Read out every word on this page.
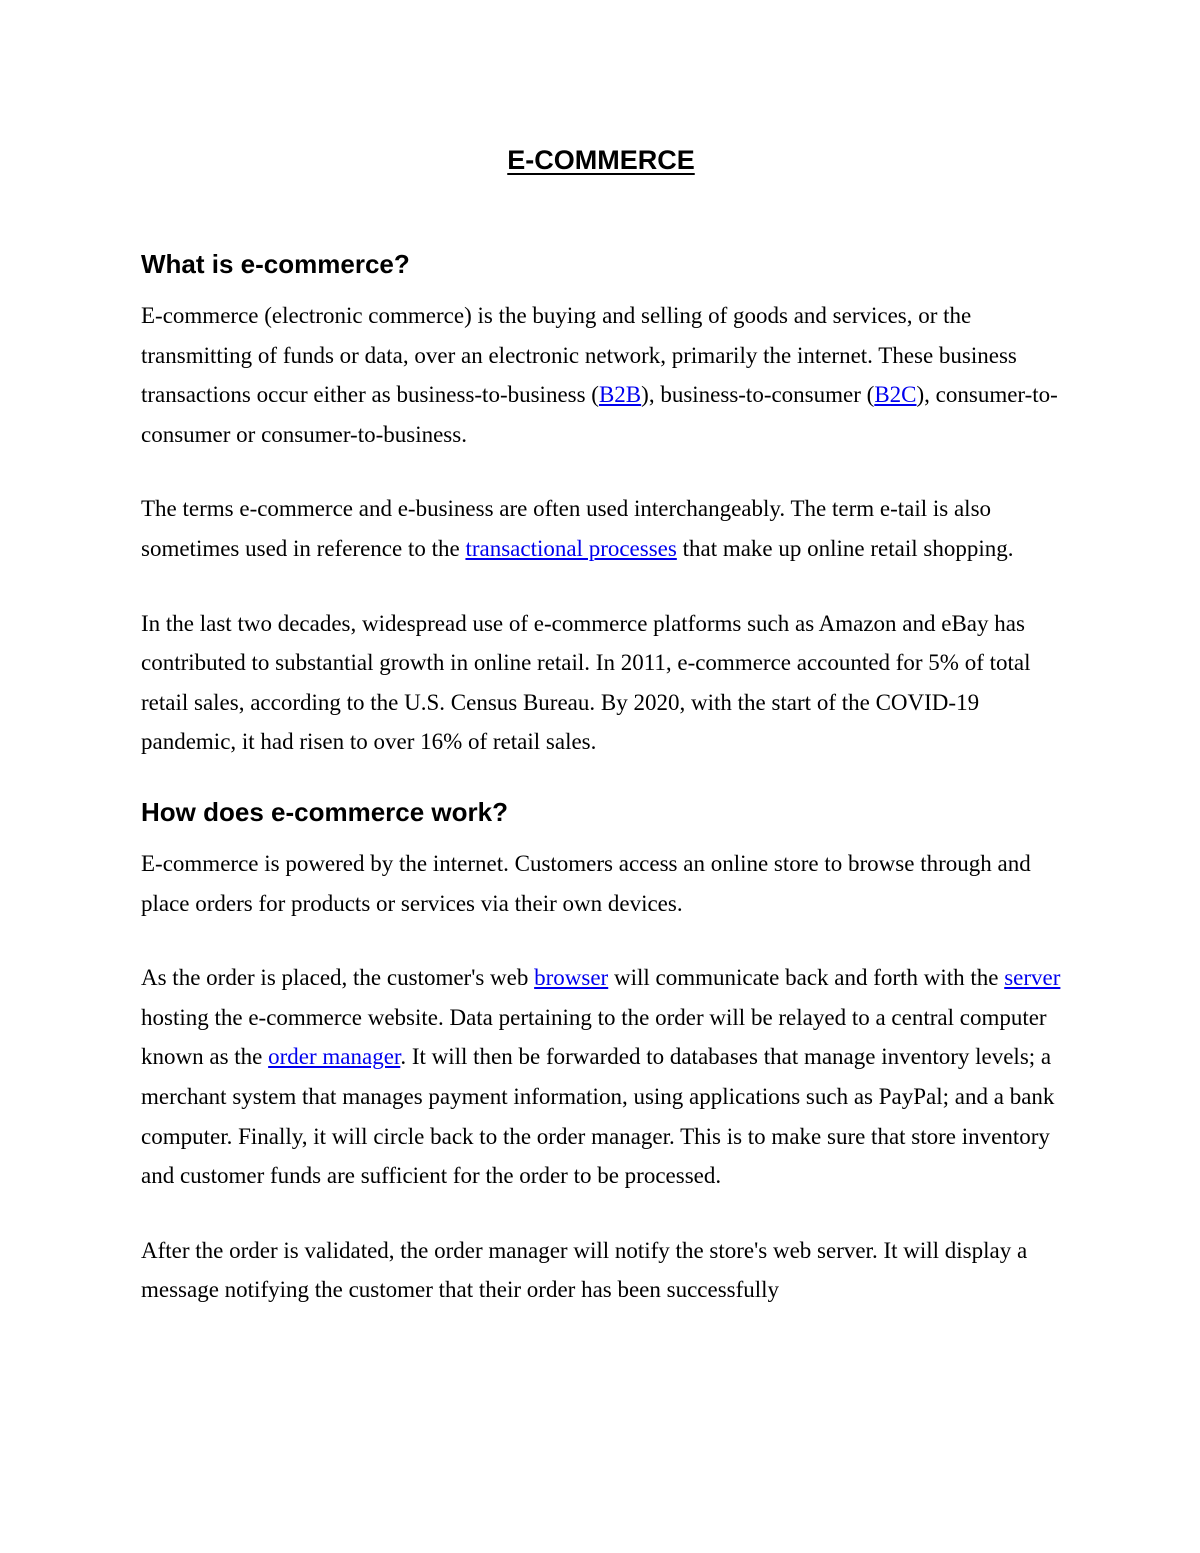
E-COMMERCE
What is e-commerce?

E-commerce (electronic commerce) is the buying and selling of goods and services, or the transmitting of funds or data, over an electronic network, primarily the internet. These business transactions occur either as business-to-business (B2B), business-to-consumer (B2C), consumer-to-consumer or consumer-to-business.

The terms e-commerce and e-business are often used interchangeably. The term e-tail is also sometimes used in reference to the transactional processes that make up online retail shopping.

In the last two decades, widespread use of e-commerce platforms such as Amazon and eBay has contributed to substantial growth in online retail. In 2011, e-commerce accounted for 5% of total retail sales, according to the U.S. Census Bureau. By 2020, with the start of the COVID-19 pandemic, it had risen to over 16% of retail sales.

How does e-commerce work?

E-commerce is powered by the internet. Customers access an online store to browse through and place orders for products or services via their own devices.

As the order is placed, the customer's web browser will communicate back and forth with the server hosting the e-commerce website. Data pertaining to the order will be relayed to a central computer known as the order manager. It will then be forwarded to databases that manage inventory levels; a merchant system that manages payment information, using applications such as PayPal; and a bank computer. Finally, it will circle back to the order manager. This is to make sure that store inventory and customer funds are sufficient for the order to be processed.

After the order is validated, the order manager will notify the store's web server. It will display a message notifying the customer that their order has been successfully
